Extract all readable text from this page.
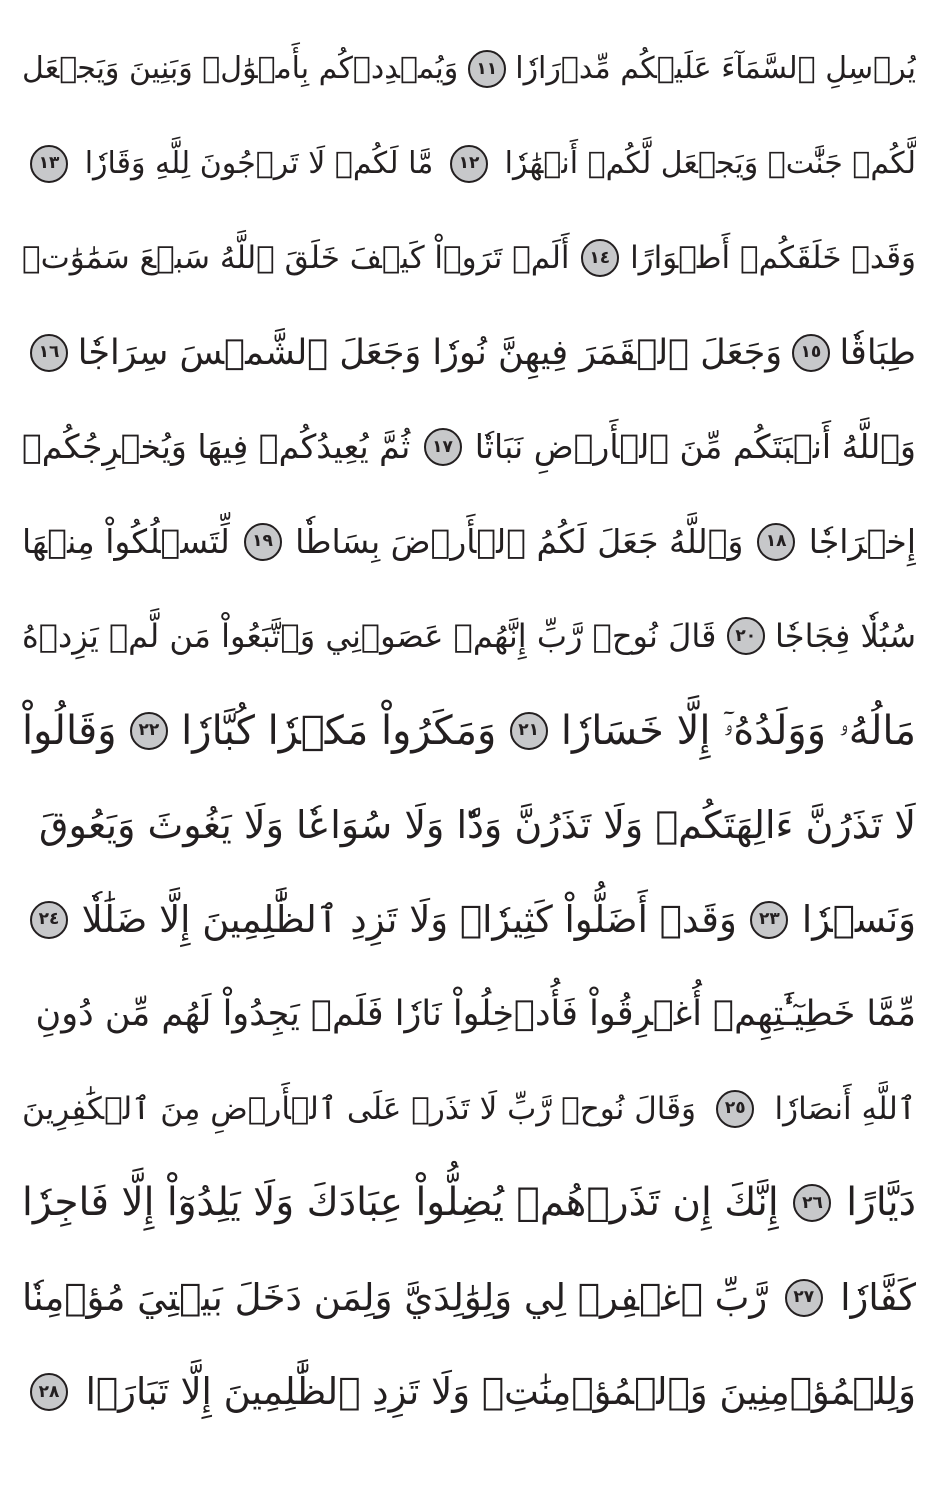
يُرۡسِلِ ٱلسَّمَآءَ عَلَيۡكُم مِّدۡرَارٗا
١١
وَيُمۡدِدۡكُم بِأَمۡوَٰلٖ وَبَنِينَ وَيَجۡعَل
لَّكُمۡ جَنَّٰتٖ وَيَجۡعَل لَّكُمۡ أَنۡهَٰرٗا
١٢
مَّا لَكُمۡ لَا تَرۡجُونَ لِلَّهِ وَقَارٗا
١٣
وَقَدۡ خَلَقَكُمۡ أَطۡوَارًا
١٤
أَلَمۡ تَرَوۡاْ كَيۡفَ خَلَقَ ٱللَّهُ سَبۡعَ سَمَٰوَٰتٖ
طِبَاقٗا
١٥
وَجَعَلَ ٱلۡقَمَرَ فِيهِنَّ نُورٗا وَجَعَلَ ٱلشَّمۡسَ سِرَاجٗا
١٦
وَٱللَّهُ أَنۢبَتَكُم مِّنَ ٱلۡأَرۡضِ نَبَاتٗا
١٧
ثُمَّ يُعِيدُكُمۡ فِيهَا وَيُخۡرِجُكُمۡ
إِخۡرَاجٗا
١٨
وَٱللَّهُ جَعَلَ لَكُمُ ٱلۡأَرۡضَ بِسَاطٗا
١٩
لِّتَسۡلُكُواْ مِنۡهَا
سُبُلٗا فِجَاجٗا
٢٠
قَالَ نُوحٞ رَّبِّ إِنَّهُمۡ عَصَوۡنِي وَٱتَّبَعُواْ مَن لَّمۡ يَزِدۡهُ
مَالُهُۥ وَوَلَدُهُۥٓ إِلَّا خَسَارٗا
٢١
وَمَكَرُواْ مَكۡرٗا كُبَّارٗا
٢٢
وَقَالُواْ
لَا تَذَرُنَّ ءَالِهَتَكُمۡ وَلَا تَذَرُنَّ وَدّٗا وَلَا سُوَاعٗا وَلَا يَغُوثَ وَيَعُوقَ
وَنَسۡرٗا
٢٣
وَقَدۡ أَضَلُّواْ كَثِيرٗاۖ وَلَا تَزِدِ ٱلظَّٰلِمِينَ إِلَّا ضَلَٰلٗا
٢٤
مِّمَّا خَطِيٓـَٰٔتِهِمۡ أُغۡرِقُواْ فَأُدۡخِلُواْ نَارٗا فَلَمۡ يَجِدُواْ لَهُم مِّن دُونِ
ٱللَّهِ أَنصَارٗا
٢٥
وَقَالَ نُوحٞ رَّبِّ لَا تَذَرۡ عَلَى ٱلۡأَرۡضِ مِنَ ٱلۡكَٰفِرِينَ
دَيَّارًا
٢٦
إِنَّكَ إِن تَذَرۡهُمۡ يُضِلُّواْ عِبَادَكَ وَلَا يَلِدُوٓاْ إِلَّا فَاجِرٗا
كَفَّارٗا
٢٧
رَّبِّ ٱغۡفِرۡ لِي وَلِوَٰلِدَيَّ وَلِمَن دَخَلَ بَيۡتِيَ مُؤۡمِنٗا
وَلِلۡمُؤۡمِنِينَ وَٱلۡمُؤۡمِنَٰتِۖ وَلَا تَزِدِ ٱلظَّٰلِمِينَ إِلَّا تَبَارَۢا
٢٨
